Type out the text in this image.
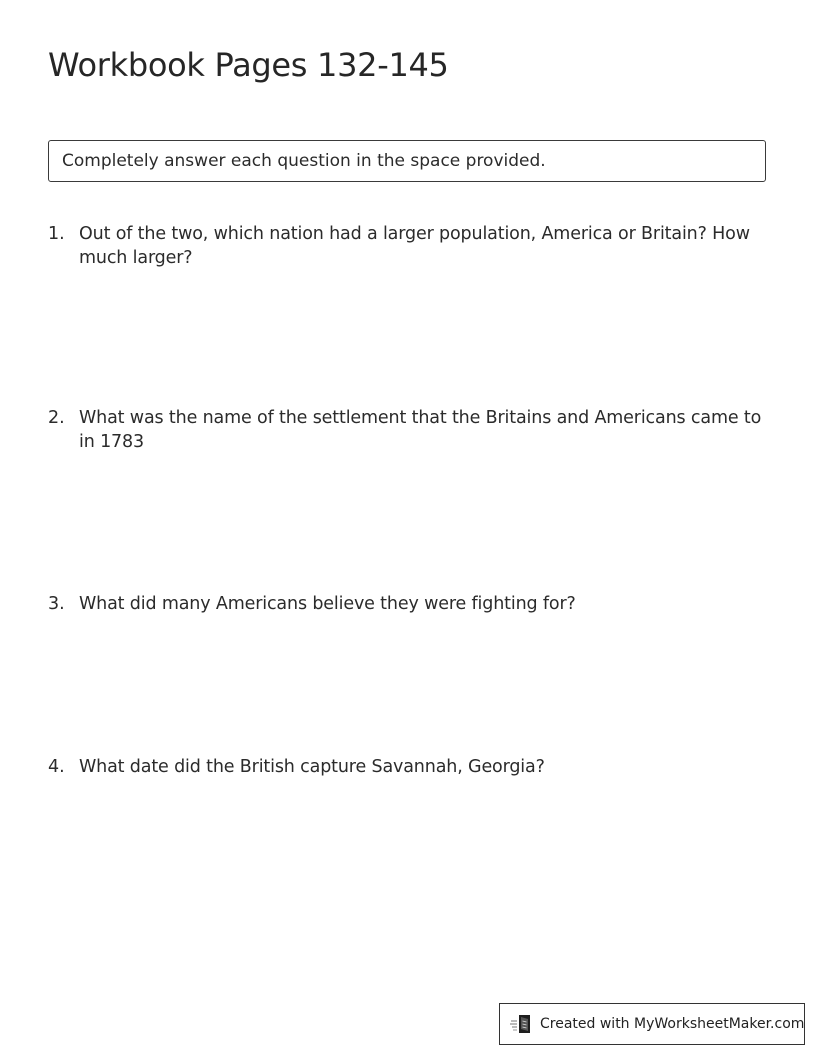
Workbook Pages 132-145
Completely answer each question in the space provided.
1. Out of the two, which nation had a larger population, America or Britain? How much larger?
2. What was the name of the settlement that the Britains and Americans came to in 1783
3. What did many Americans believe they were fighting for?
4. What date did the British capture Savannah, Georgia?
Created with MyWorksheetMaker.com
